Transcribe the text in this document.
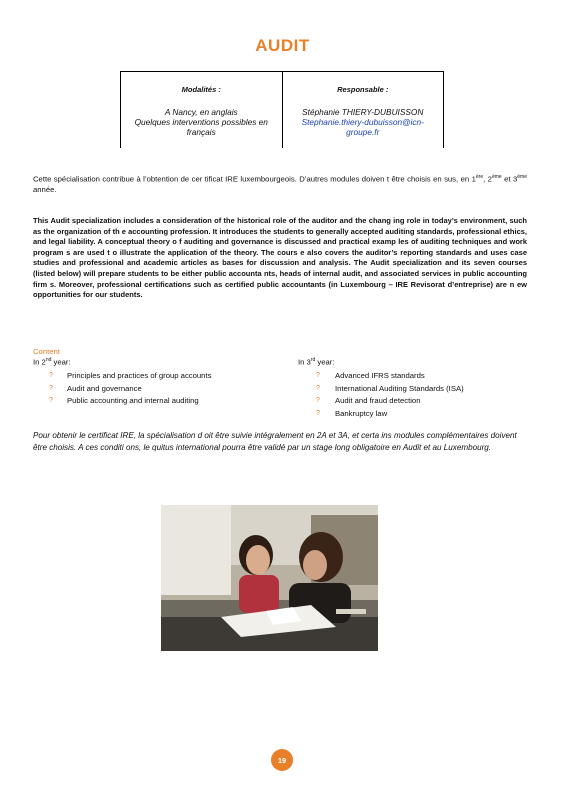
AUDIT
Modalités :
A Nancy, en anglais
Quelques interventions possibles en
français
Responsable :
Stéphanie THIERY-DUBUISSON
Stephanie.thiery-dubuisson@icn-
groupe.fr
Cette spécialisation contribue à l’obtention de cer tificat IRE luxembourgeois. D’autres modules doiven t être choisis en sus, en 1ère, 2ème et 3ème année.
This Audit specialization includes a consideration of the historical role of the auditor and the chang ing role in today’s environment, such as the organization of th e accounting profession. It introduces the students to generally accepted auditing standards, professional ethics, and legal liability. A conceptual theory o f auditing and governance is discussed and practical examp les of auditing techniques and work program s are used t o illustrate the application of the theory. The cours e also covers the auditor’s reporting standards and uses case studies and professional and academic articles as bases for discussion and analysis. The Audit specialization and its seven courses (listed below) will prepare students to be either public accounta nts, heads of internal audit, and associated services in public accounting firm s. Moreover, professional certifications such as certified public accountants (in Luxembourg – IRE Revisorat d’entreprise) are n ew opportunities for our students.
Content
In 2nd year:
?	Principles and practices of group accounts
?	Audit and governance
?	Public accounting and internal auditing
In 3rd year:
?	Advanced IFRS standards
?	International Auditing Standards (ISA)
?	Audit and fraud detection
?	Bankruptcy law
Pour obtenir le certificat IRE, la spécialisation d oit être suivie intégralement en 2A et 3A, et certa ins modules complémentaires doivent être choisis. A ces conditi ons, le quitus international pourra être validé par un stage long obligatoire en Audit et au Luxembourg.
19
